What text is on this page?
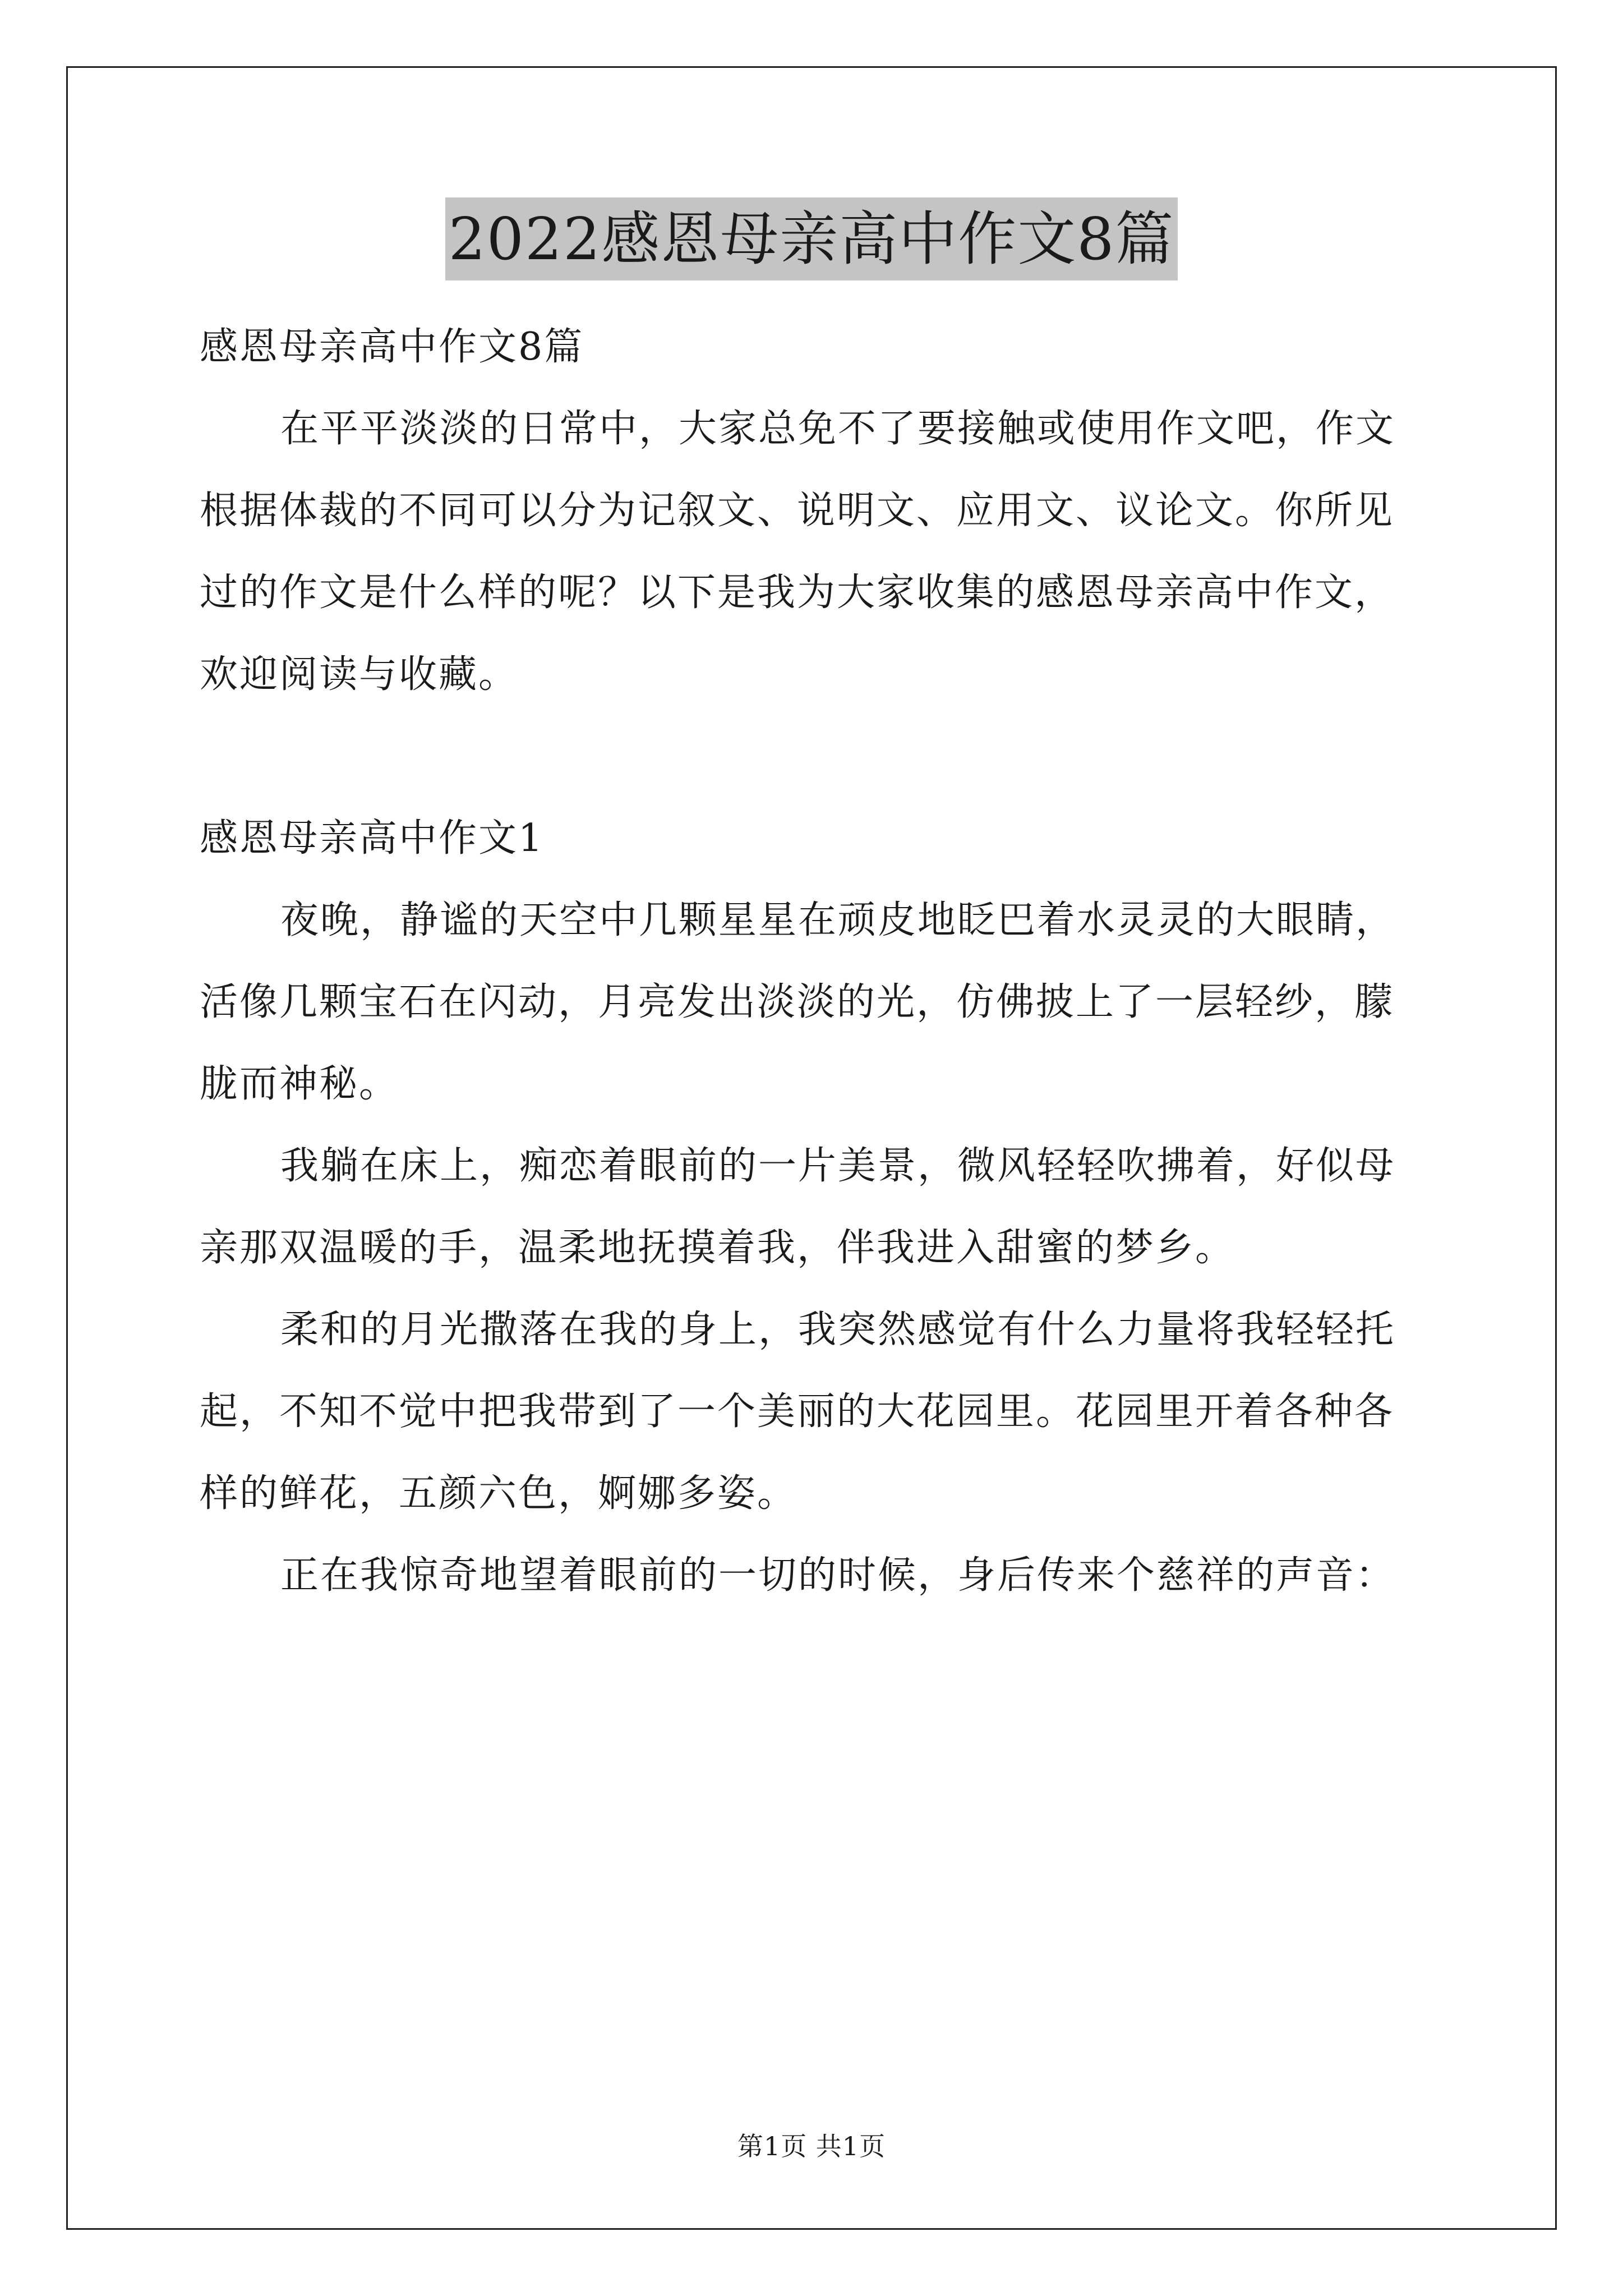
2022感恩母亲高中作文8篇

感恩母亲高中作文8篇

在平平淡淡的日常中，大家总免不了要接触或使用作文吧，作文根据体裁的不同可以分为记叙文、说明文、应用文、议论文。你所见过的作文是什么样的呢？以下是我为大家收集的感恩母亲高中作文，欢迎阅读与收藏。

感恩母亲高中作文1

夜晚，静谧的天空中几颗星星在顽皮地眨巴着水灵灵的大眼睛，活像几颗宝石在闪动，月亮发出淡淡的光，仿佛披上了一层轻纱，朦胧而神秘。

我躺在床上，痴恋着眼前的一片美景，微风轻轻吹拂着，好似母亲那双温暖的手，温柔地抚摸着我，伴我进入甜蜜的梦乡。

柔和的月光撒落在我的身上，我突然感觉有什么力量将我轻轻托起，不知不觉中把我带到了一个美丽的大花园里。花园里开着各种各样的鲜花，五颜六色，婀娜多姿。

正在我惊奇地望着眼前的一切的时候，身后传来个慈祥的声音：

第1页 共1页
